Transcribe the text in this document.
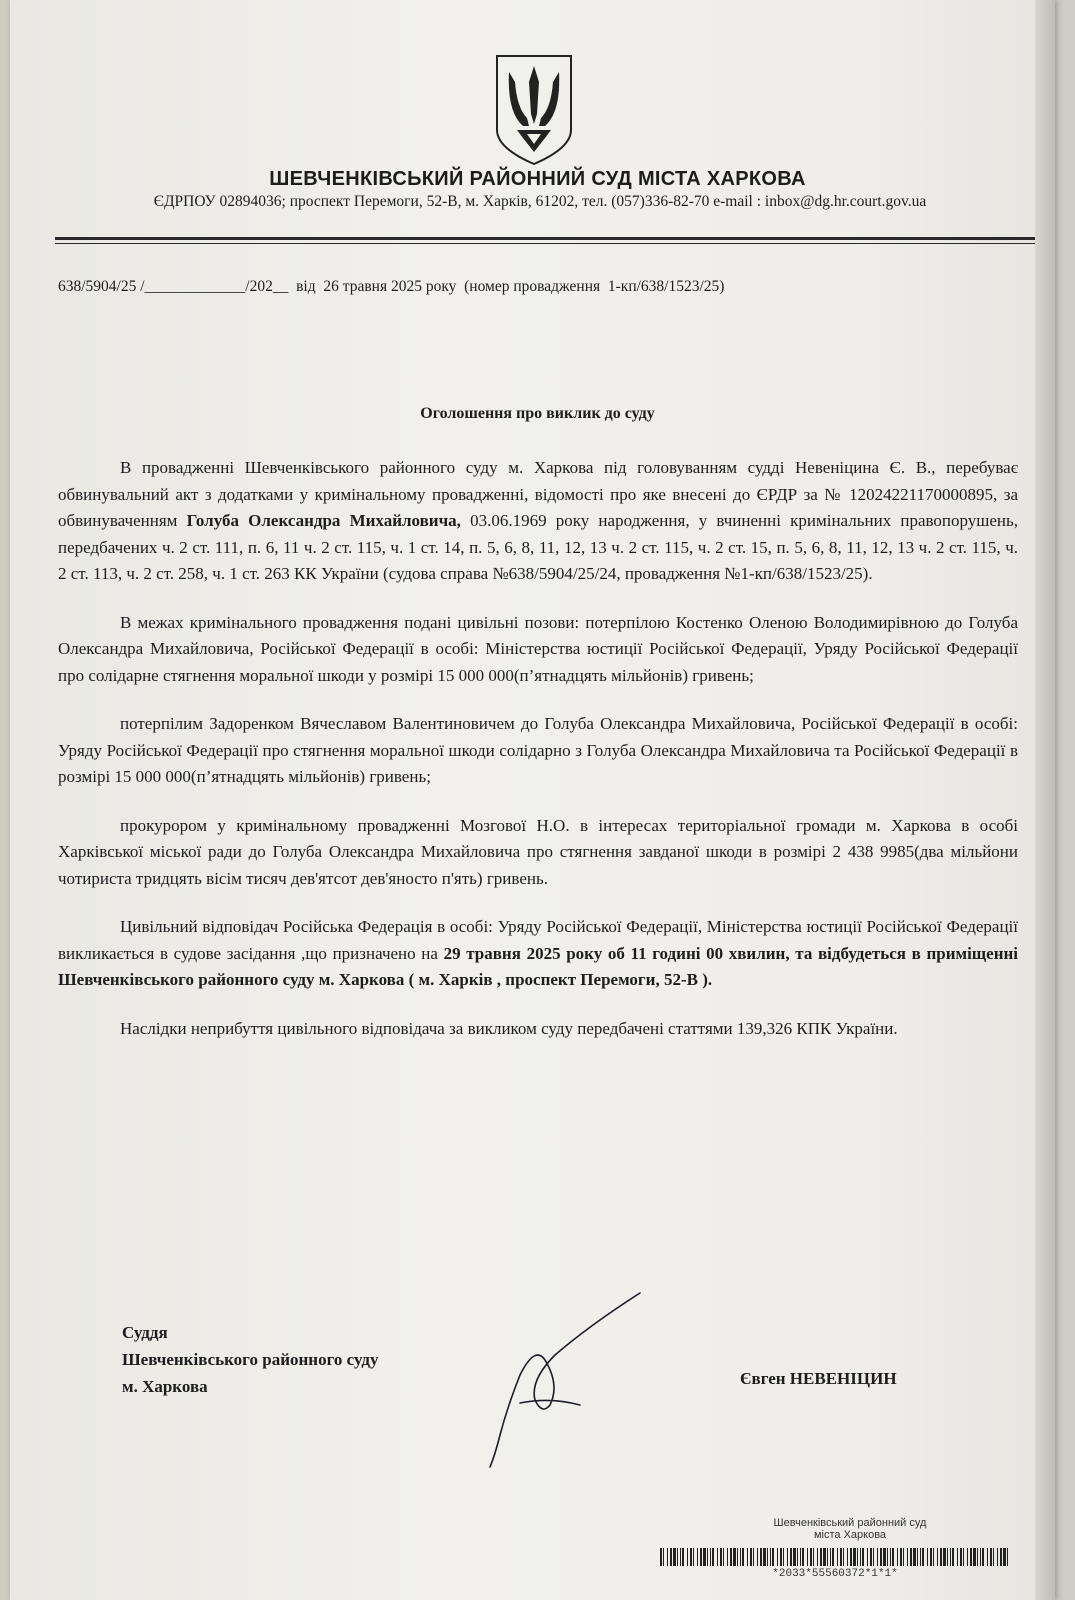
ШЕВЧЕНКІВСЬКИЙ РАЙОННИЙ СУД МІСТА ХАРКОВА
ЄДРПОУ 02894036; проспект Перемоги, 52-В, м. Харків, 61202, тел. (057)336-82-70 e-mail : inbox@dg.hr.court.gov.ua
638/5904/25 /_____________/202__  від  26 травня 2025 року  (номер провадження  1-кп/638/1523/25)
Оголошення про виклик до суду

В провадженні Шевченківського районного суду м. Харкова під головуванням судді Невеніцина Є. В., перебуває обвинувальний акт з додатками у кримінальному провадженні, відомості про яке внесені до ЄРДР за № 12024221170000895, за обвинуваченням Голуба Олександра Михайловича, 03.06.1969 року народження, у вчиненні кримінальних правопорушень, передбачених ч. 2 ст. 111, п. 6, 11 ч. 2 ст. 115, ч. 1 ст. 14, п. 5, 6, 8, 11, 12, 13 ч. 2 ст. 115, ч. 2 ст. 15, п. 5, 6, 8, 11, 12, 13 ч. 2 ст. 115, ч. 2 ст. 113, ч. 2 ст. 258, ч. 1 ст. 263 КК України (судова справа №638/5904/25/24, провадження №1-кп/638/1523/25).

В межах кримінального провадження подані цивільні позови: потерпілою Костенко Оленою Володимирівною до Голуба Олександра Михайловича, Російської Федерації в особі: Міністерства юстиції Російської Федерації, Уряду Російської Федерації про солідарне стягнення моральної шкоди у розмірі 15 000 000(п’ятнадцять мільйонів) гривень;

потерпілим Задоренком Вячеславом Валентиновичем до Голуба Олександра Михайловича, Російської Федерації в особі: Уряду Російської Федерації про стягнення моральної шкоди солідарно з Голуба Олександра Михайловича та Російської Федерації в розмірі 15 000 000(п’ятнадцять мільйонів) гривень;

прокурором у кримінальному провадженні Мозгової Н.О. в інтересах територіальної громади м. Харкова в особі Харківської міської ради до Голуба Олександра Михайловича про стягнення завданої шкоди в розмірі 2 438 9985(два мільйони чотириста тридцять вісім тисяч дев'ятсот дев'яносто п'ять) гривень.

Цивільний відповідач Російська Федерація в особі: Уряду Російської Федерації, Міністерства юстиції Російської Федерації викликається в судове засідання ,що призначено на 29 травня 2025 року об 11 годині 00 хвилин, та відбудеться в приміщенні Шевченківського районного суду м. Харкова ( м. Харків , проспект Перемоги, 52-В ).

Наслідки неприбуття цивільного відповідача за викликом суду передбачені статтями 139,326 КПК України.

Суддя
Шевченківського районного суду
м. Харкова	Євген НЕВЕНІЦИН
Шевченківський районний суд
міста Харкова
*2033*55560372*1*1*
